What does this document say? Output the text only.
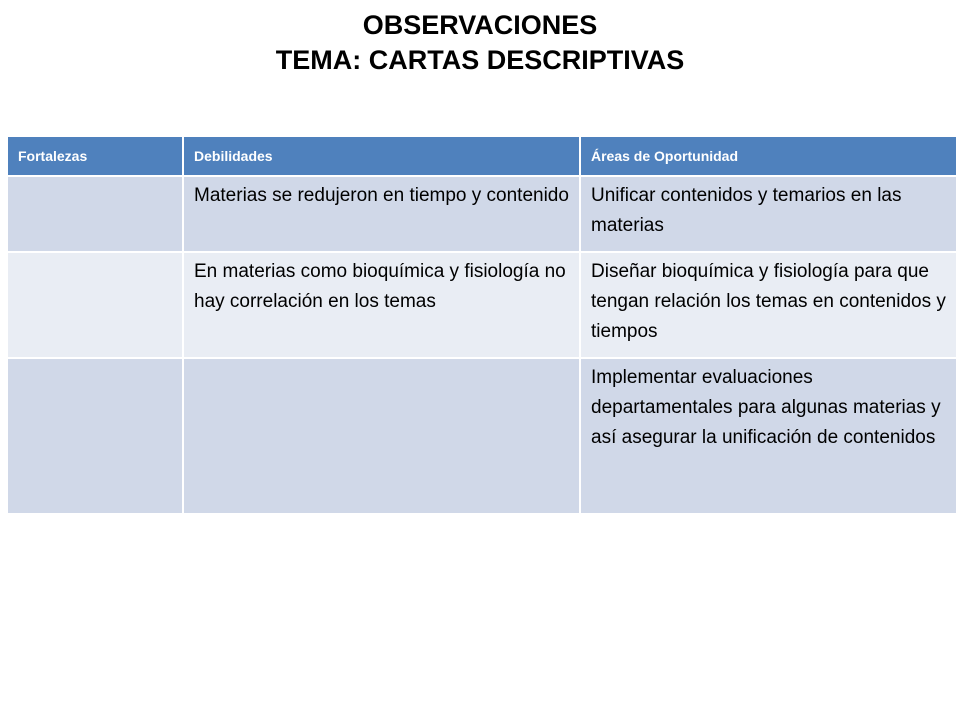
OBSERVACIONES
TEMA: CARTAS DESCRIPTIVAS
Fortalezas	Debilidades	Áreas de Oportunidad
	Materias se redujeron en tiempo y contenido	Unificar contenidos y temarios en las materias
	En materias como bioquímica y fisiología no hay correlación en los temas	Diseñar bioquímica y fisiología para que tengan relación los temas en contenidos y tiempos
		Implementar evaluaciones departamentales para algunas materias y así asegurar la unificación de contenidos
